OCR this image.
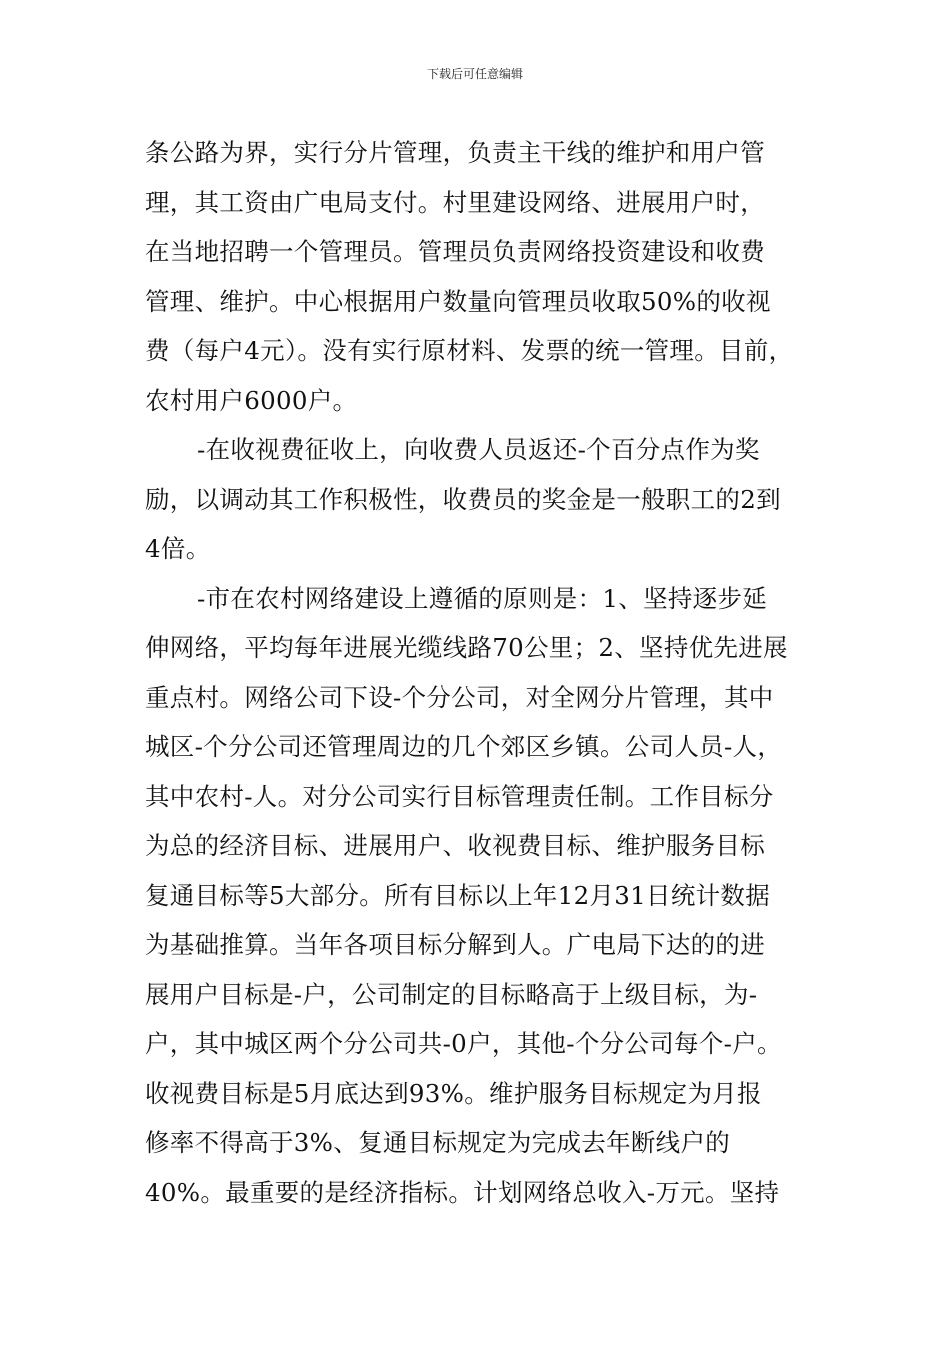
下载后可任意编辑
条公路为界，实行分片管理，负责主干线的维护和用户管
理，其工资由广电局支付。村里建设网络、进展用户时，
在当地招聘一个管理员。管理员负责网络投资建设和收费
管理、维护。中心根据用户数量向管理员收取50%的收视
费（每户4元）。没有实行原材料、发票的统一管理。目前，
农村用户6000户。
-在收视费征收上，向收费人员返还-个百分点作为奖
励，以调动其工作积极性，收费员的奖金是一般职工的2到
4倍。
-市在农村网络建设上遵循的原则是：1、坚持逐步延
伸网络，平均每年进展光缆线路70公里；2、坚持优先进展
重点村。网络公司下设-个分公司，对全网分片管理，其中
城区-个分公司还管理周边的几个郊区乡镇。公司人员-人，
其中农村-人。对分公司实行目标管理责任制。工作目标分
为总的经济目标、进展用户、收视费目标、维护服务目标
复通目标等5大部分。所有目标以上年12月31日统计数据
为基础推算。当年各项目标分解到人。广电局下达的的进
展用户目标是-户，公司制定的目标略高于上级目标，为-
户，其中城区两个分公司共-0户，其他-个分公司每个-户。
收视费目标是5月底达到93%。维护服务目标规定为月报
修率不得高于3%、复通目标规定为完成去年断线户的
40%。最重要的是经济指标。计划网络总收入-万元。坚持
